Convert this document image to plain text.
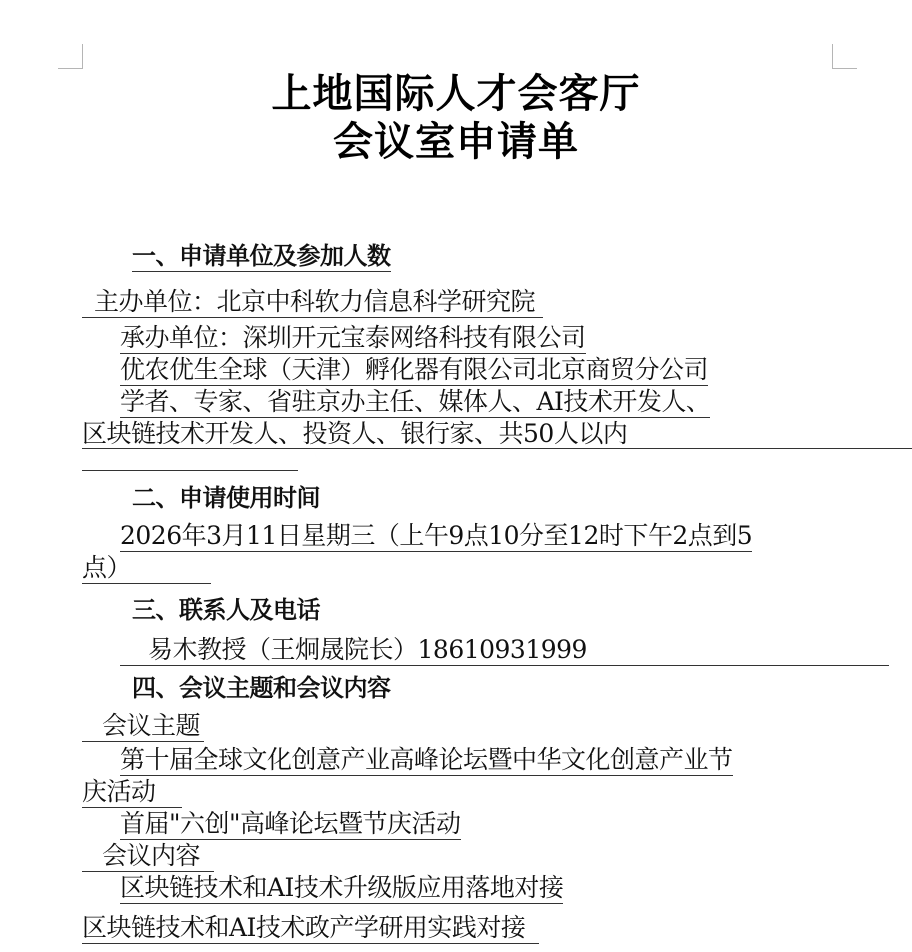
上地国际人才会客厅
会议室申请单
一、申请单位及参加人数
主办单位：北京中科软力信息科学研究院
承办单位：深圳开元宝泰网络科技有限公司
优农优生全球（天津）孵化器有限公司北京商贸分公司
学者、专家、省驻京办主任、媒体人、AI技术开发人、
区块链技术开发人、投资人、银行家、共50人以内
二、申请使用时间
2026年3月11日星期三（上午9点10分至12时下午2点到5
点）
三、联系人及电话
易木教授（王炯晟院长）18610931999
四、会议主题和会议内容
会议主题
第十届全球文化创意产业高峰论坛暨中华文化创意产业节
庆活动
首届"六创"高峰论坛暨节庆活动
会议内容
区块链技术和AI技术升级版应用落地对接
区块链技术和AI技术政产学研用实践对接
